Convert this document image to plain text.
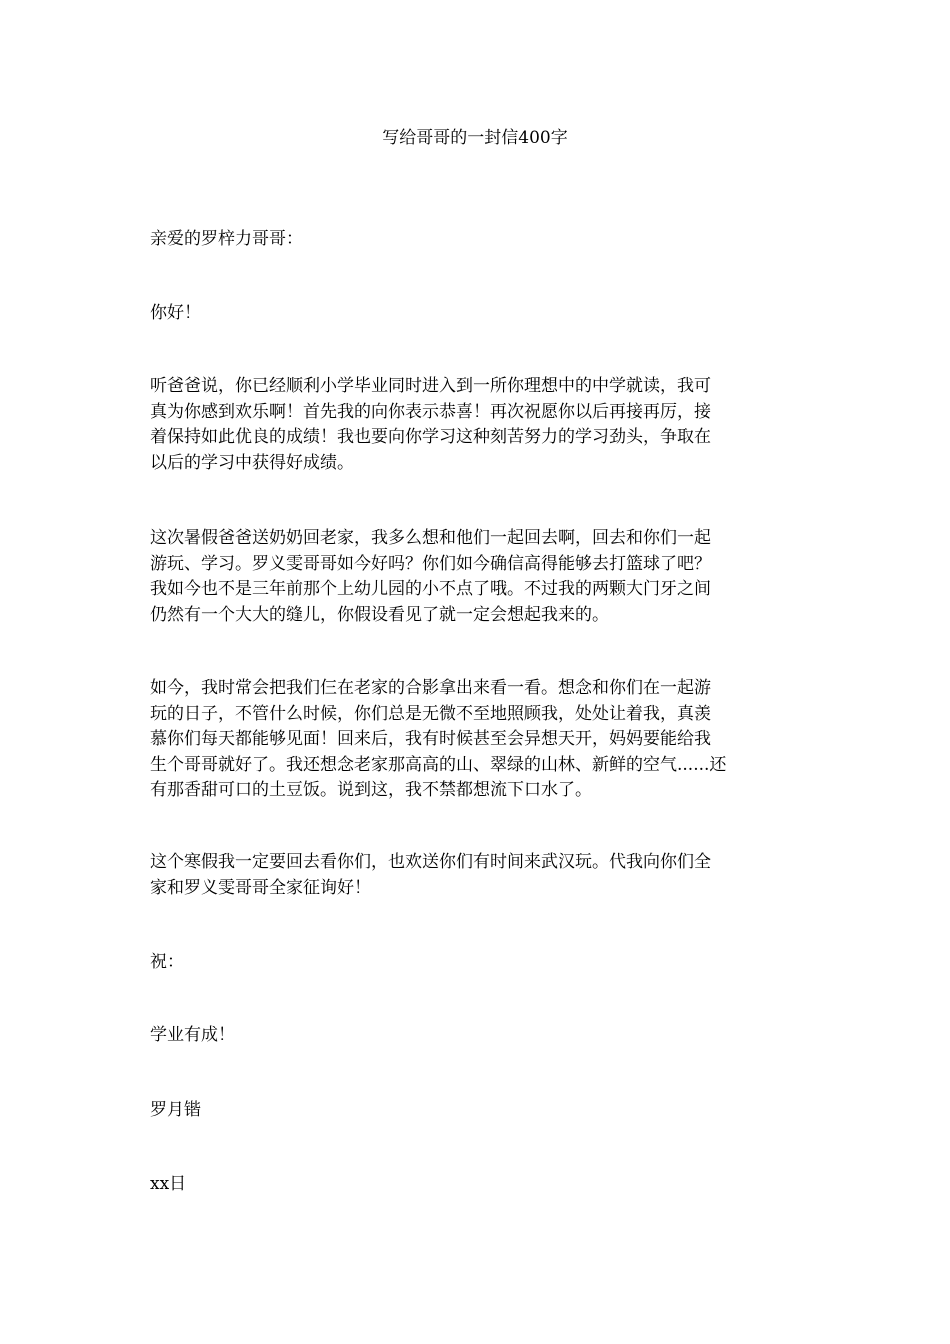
写给哥哥的一封信400字

亲爱的罗梓力哥哥：

你好！

听爸爸说，你已经顺利小学毕业同时进入到一所你理想中的中学就读，我可
真为你感到欢乐啊！首先我的向你表示恭喜！再次祝愿你以后再接再厉，接
着保持如此优良的成绩！我也要向你学习这种刻苦努力的学习劲头，争取在
以后的学习中获得好成绩。

这次暑假爸爸送奶奶回老家，我多么想和他们一起回去啊，回去和你们一起
游玩、学习。罗义雯哥哥如今好吗？你们如今确信高得能够去打篮球了吧？
我如今也不是三年前那个上幼儿园的小不点了哦。不过我的两颗大门牙之间
仍然有一个大大的缝儿，你假设看见了就一定会想起我来的。

如今，我时常会把我们仨在老家的合影拿出来看一看。想念和你们在一起游
玩的日子，不管什么时候，你们总是无微不至地照顾我，处处让着我，真羡
慕你们每天都能够见面！回来后，我有时候甚至会异想天开，妈妈要能给我
生个哥哥就好了。我还想念老家那高高的山、翠绿的山林、新鲜的空气......还
有那香甜可口的土豆饭。说到这，我不禁都想流下口水了。

这个寒假我一定要回去看你们，也欢送你们有时间来武汉玩。代我向你们全
家和罗义雯哥哥全家征询好！

祝：

学业有成！

罗月锴

xx日
